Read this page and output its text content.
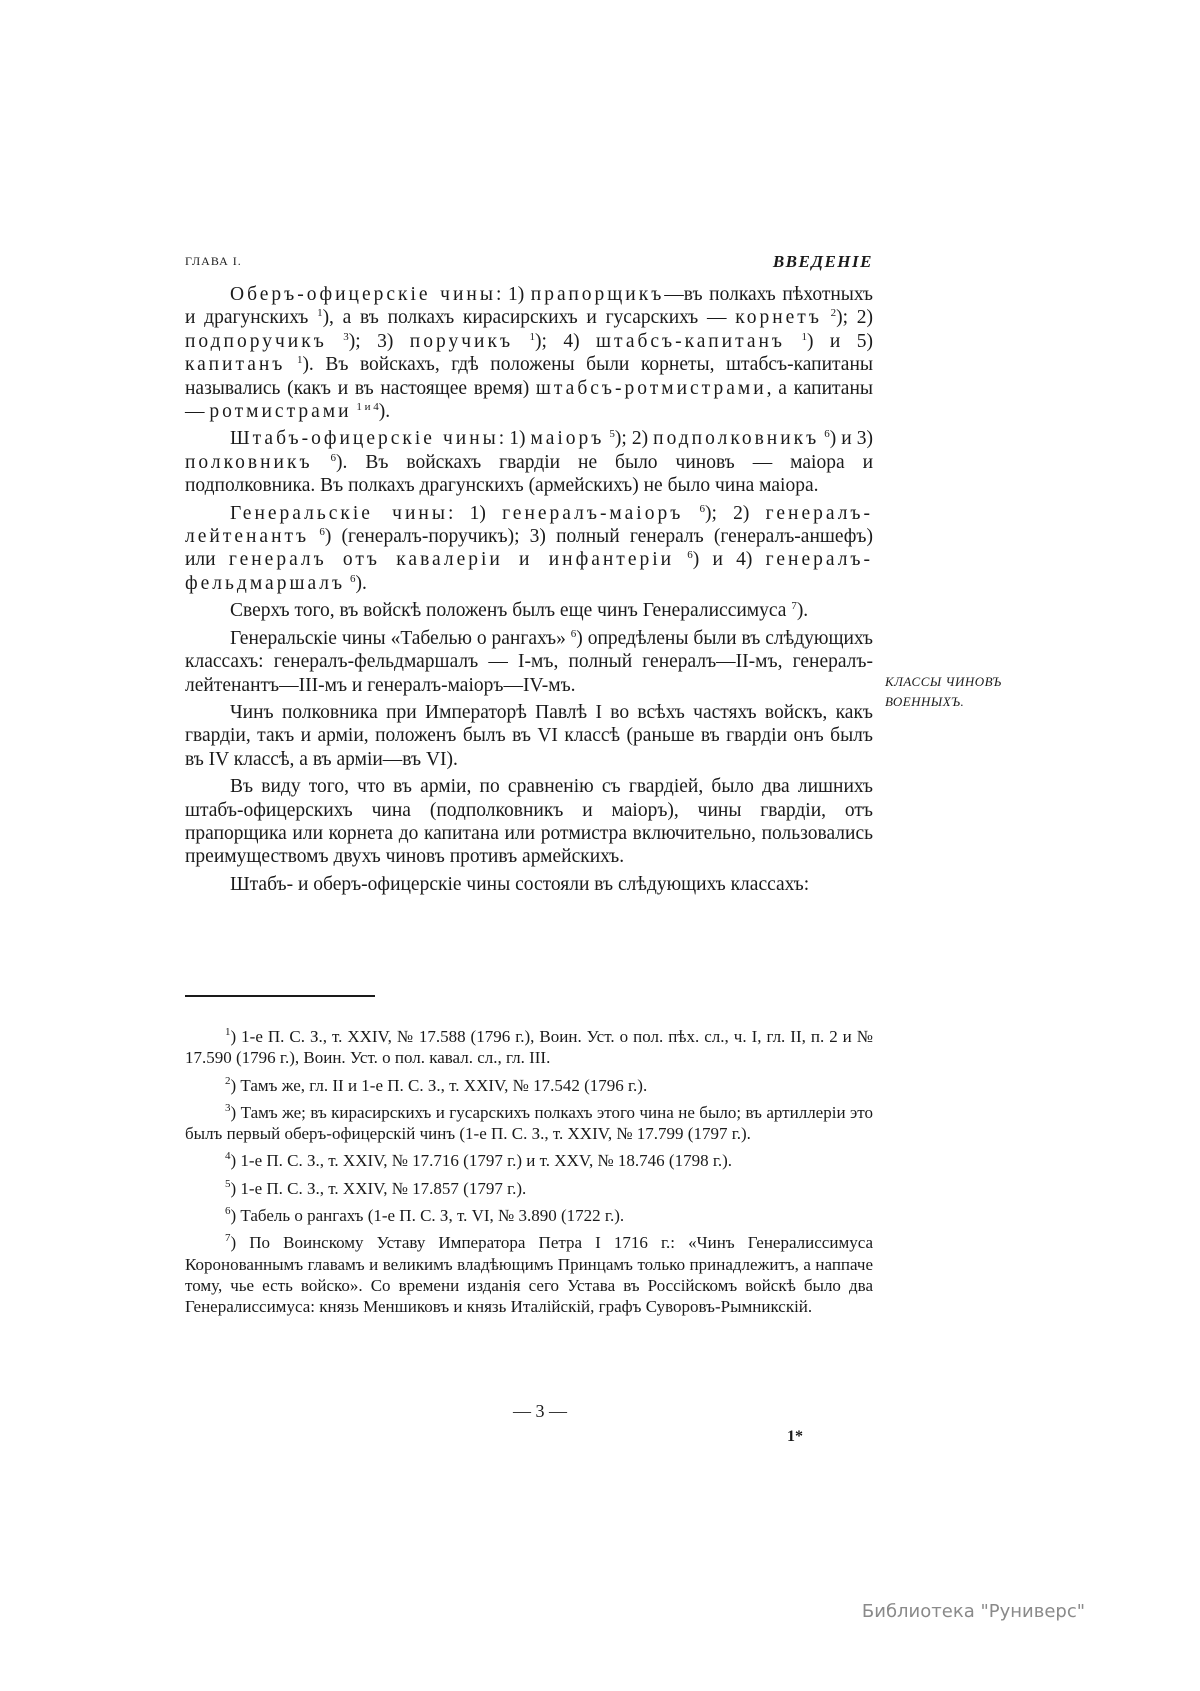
ГЛАВА I.	ВВЕДЕНІЕ

Оберъ-офицерскіе чины: 1) прапорщикъ—въ полкахъ пѣхотныхъ и драгунскихъ $^1$), а въ полкахъ кирасирскихъ и гусарскихъ — корнетъ $^2$); 2) подпоручикъ $^3$); 3) поручикъ $^1$); 4) штабсъ-капитанъ $^1$) и 5) капитанъ $^1$). Въ войскахъ, гдѣ положены были корнеты, штабсъ-капитаны назывались (какъ и въ настоящее время) штабсъ-ротмистрами, а капитаны — ротмистрами $^{1 и 4}$).

Штабъ-офицерскіе чины: 1) маіоръ $^5$); 2) подполковникъ $^6$) и 3) полковникъ $^6$). Въ войскахъ гвардіи не было чиновъ — маіора и подполковника. Въ полкахъ драгунскихъ (армейскихъ) не было чина маіора.

Генеральскіе чины: 1) генералъ-маіоръ $^6$); 2) генералъ-лейтенантъ $^6$) (генералъ-поручикъ); 3) полный генералъ (генералъ-аншефъ) или генералъ отъ кавалеріи и инфантеріи $^6$) и 4) генералъ-фельдмаршалъ $^6$).

Сверхъ того, въ войскѣ положенъ былъ еще чинъ Генералиссимуса $^7$).

Генеральскіе чины «Табелью о рангахъ» $^6$) опредѣлены были въ слѣдующихъ классахъ: генералъ-фельдмаршалъ — I-мъ, полный генералъ—II-мъ, генералъ-лейтенантъ—III-мъ и генералъ-маіоръ—IV-мъ.

Чинъ полковника при Императорѣ Павлѣ I во всѣхъ частяхъ войскъ, какъ гвардіи, такъ и арміи, положенъ былъ въ VI классѣ (раньше въ гвардіи онъ былъ въ IV классѣ, а въ арміи—въ VI).

Въ виду того, что въ арміи, по сравненію съ гвардіей, было два лишнихъ штабъ-офицерскихъ чина (подполковникъ и маіоръ), чины гвардіи, отъ прапорщика или корнета до капитана или ротмистра включительно, пользовались преимуществомъ двухъ чиновъ противъ армейскихъ.

Штабъ- и оберъ-офицерскіе чины состояли въ слѣдующихъ классахъ:

КЛАССЫ ЧИНОВЪ ВОЕННЫХЪ.

$^1$) 1-е П. С. З., т. XXIV, № 17.588 (1796 г.), Воин. Уст. о пол. пѣх. сл., ч. I, гл. II, п. 2 и № 17.590 (1796 г.), Воин. Уст. о пол. кавал. сл., гл. III.

$^2$) Тамъ же, гл. II и 1-е П. С. З., т. XXIV, № 17.542 (1796 г.).

$^3$) Тамъ же; въ кирасирскихъ и гусарскихъ полкахъ этого чина не было; въ артиллеріи это былъ первый оберъ-офицерскій чинъ (1-е П. С. З., т. XXIV, № 17.799 (1797 г.).

$^4$) 1-е П. С. З., т. XXIV, № 17.716 (1797 г.) и т. XXV, № 18.746 (1798 г.).

$^5$) 1-е П. С. З., т. XXIV, № 17.857 (1797 г.).

$^6$) Табель о рангахъ (1-е П. С. З, т. VI, № 3.890 (1722 г.).

$^7$) По Воинскому Уставу Императора Петра I 1716 г.: «Чинъ Генералиссимуса Коронованнымъ главамъ и великимъ владѣющимъ Принцамъ только принадлежитъ, а наппаче тому, чье есть войско». Со времени изданія сего Устава въ Россійскомъ войскѣ было два Генералиссимуса: князь Меншиковъ и князь Италійскій, графъ Суворовъ-Рымникскій.

— 3 —
1*
Библиотека "Руниверс"
